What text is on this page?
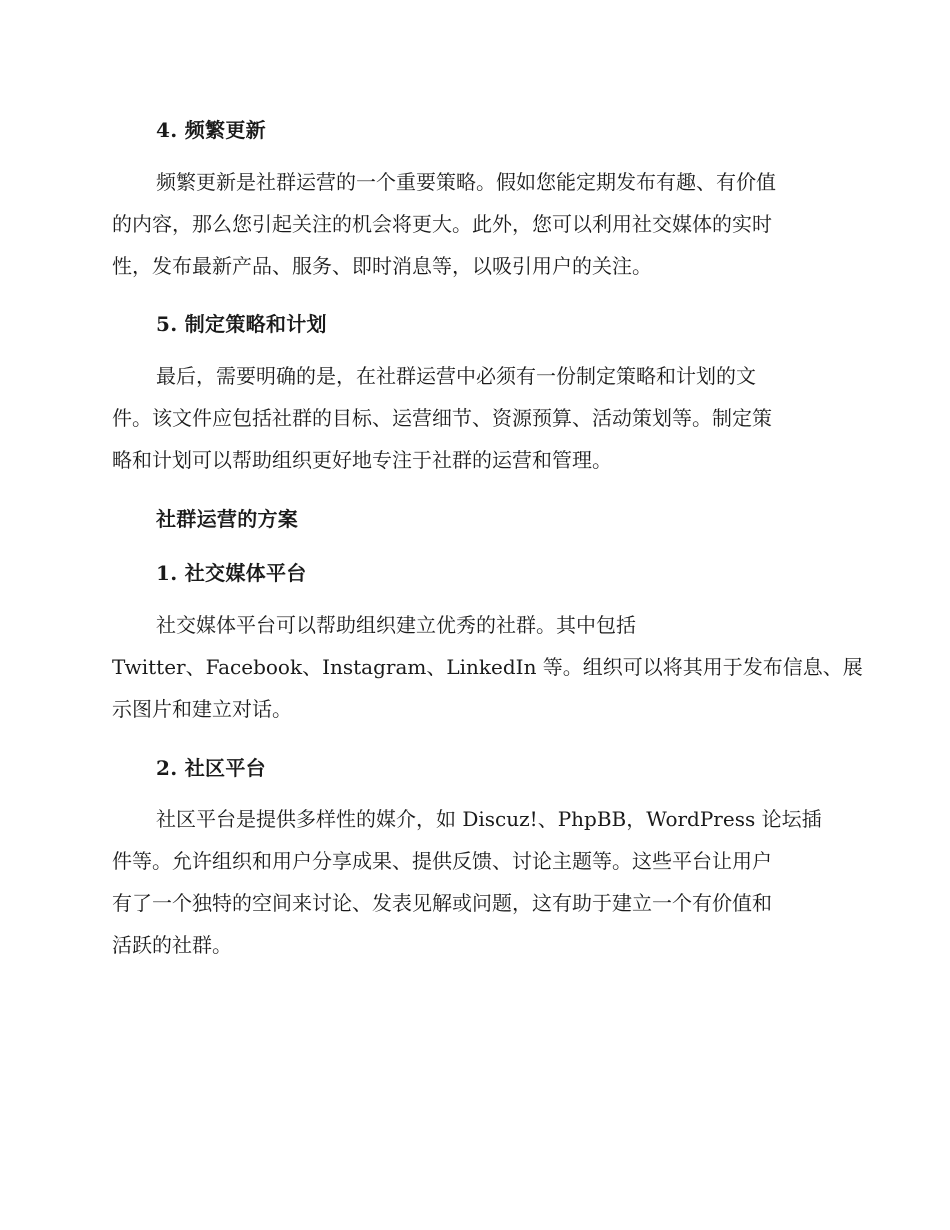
4. 频繁更新
频繁更新是社群运营的一个重要策略。假如您能定期发布有趣、有价值
的内容，那么您引起关注的机会将更大。此外，您可以利用社交媒体的实时
性，发布最新产品、服务、即时消息等，以吸引用户的关注。
5. 制定策略和计划
最后，需要明确的是，在社群运营中必须有一份制定策略和计划的文
件。该文件应包括社群的目标、运营细节、资源预算、活动策划等。制定策
略和计划可以帮助组织更好地专注于社群的运营和管理。
社群运营的方案
1. 社交媒体平台
社交媒体平台可以帮助组织建立优秀的社群。其中包括
Twitter、Facebook、Instagram、LinkedIn 等。组织可以将其用于发布信息、展
示图片和建立对话。
2. 社区平台
社区平台是提供多样性的媒介，如 Discuz!、PhpBB，WordPress 论坛插
件等。允许组织和用户分享成果、提供反馈、讨论主题等。这些平台让用户
有了一个独特的空间来讨论、发表见解或问题，这有助于建立一个有价值和
活跃的社群。
